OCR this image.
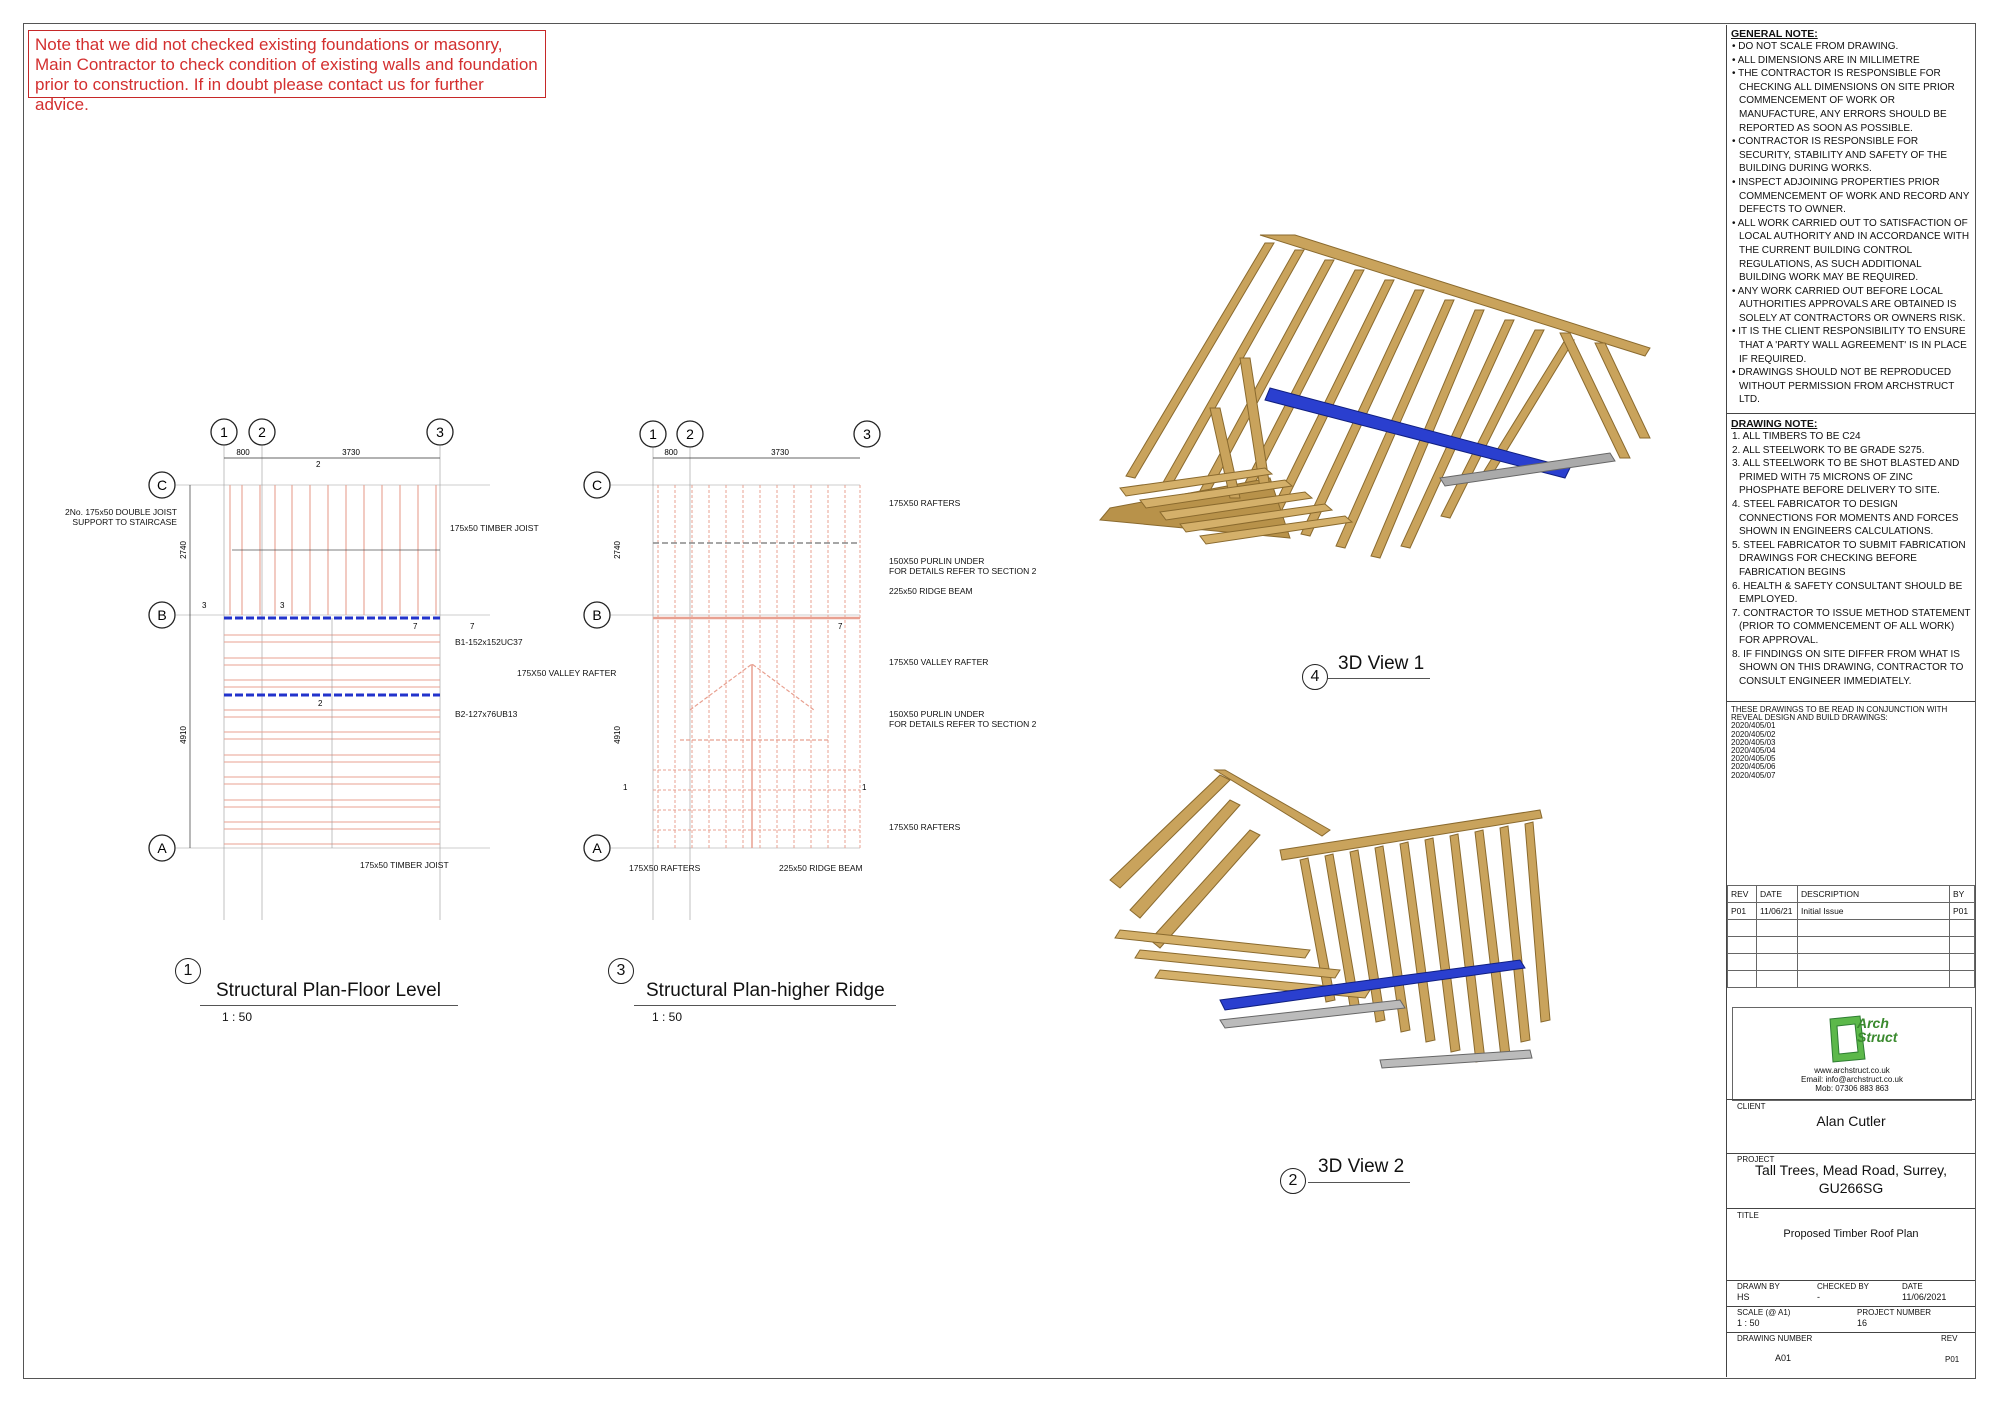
Note that we did not checked existing foundations or masonry, Main Contractor to check condition of existing walls and foundation prior to construction. If in doubt please contact us for further advice.
1 2	3
C
B
A
800	3730
2740
4910
2
2
3	3
7	7
2No. 175x50 DOUBLE JOIST
SUPPORT TO STAIRCASE
175x50 TIMBER JOIST
B1-152x152UC37
B2-127x76UB13
175x50 TIMBER JOIST
1 2	3
C
B
A
800	3730
2740
4910
1	1
7
175X50 RAFTERS
150X50 PURLIN UNDER
FOR DETAILS REFER TO SECTION 2
225x50 RIDGE BEAM
175X50 VALLEY RAFTER
175X50 VALLEY RAFTER
150X50 PURLIN UNDER
FOR DETAILS REFER TO SECTION 2
175X50 RAFTERS
175X50 RAFTERS	225x50 RIDGE BEAM
1
Structural Plan-Floor Level
1 : 50
3
Structural Plan-higher Ridge
1 : 50
4
3D View 1
2
3D View 2
GENERAL NOTE:
• DO NOT SCALE FROM DRAWING.
• ALL DIMENSIONS ARE IN MILLIMETRE
• THE CONTRACTOR IS RESPONSIBLE FOR CHECKING ALL DIMENSIONS ON SITE PRIOR COMMENCEMENT OF WORK OR MANUFACTURE, ANY ERRORS SHOULD BE REPORTED AS SOON AS POSSIBLE.
• CONTRACTOR IS RESPONSIBLE FOR SECURITY, STABILITY AND SAFETY OF THE BUILDING DURING WORKS.
• INSPECT ADJOINING PROPERTIES PRIOR COMMENCEMENT OF WORK AND RECORD ANY DEFECTS TO OWNER.
• ALL WORK CARRIED OUT TO SATISFACTION OF LOCAL AUTHORITY AND IN ACCORDANCE WITH THE CURRENT BUILDING CONTROL REGULATIONS, AS SUCH ADDITIONAL BUILDING WORK MAY BE REQUIRED.
• ANY WORK CARRIED OUT BEFORE LOCAL AUTHORITIES APPROVALS ARE OBTAINED IS SOLELY AT CONTRACTORS OR OWNERS RISK.
• IT IS THE CLIENT RESPONSIBILITY TO ENSURE THAT A 'PARTY WALL AGREEMENT' IS IN PLACE IF REQUIRED.
• DRAWINGS SHOULD NOT BE REPRODUCED WITHOUT PERMISSION FROM ARCHSTRUCT LTD.
DRAWING NOTE:
1. ALL TIMBERS TO BE C24
2. ALL STEELWORK TO BE GRADE S275.
3. ALL STEELWORK TO BE SHOT BLASTED AND PRIMED WITH 75 MICRONS OF ZINC PHOSPHATE BEFORE DELIVERY TO SITE.
4. STEEL FABRICATOR TO DESIGN CONNECTIONS FOR MOMENTS AND FORCES SHOWN IN ENGINEERS CALCULATIONS.
5. STEEL FABRICATOR TO SUBMIT FABRICATION DRAWINGS FOR CHECKING BEFORE FABRICATION BEGINS
6. HEALTH & SAFETY CONSULTANT SHOULD BE EMPLOYED.
7. CONTRACTOR TO ISSUE METHOD STATEMENT (PRIOR TO COMMENCEMENT OF ALL WORK) FOR APPROVAL.
8. IF FINDINGS ON SITE DIFFER FROM WHAT IS SHOWN ON THIS DRAWING, CONTRACTOR TO CONSULT ENGINEER IMMEDIATELY.
THESE DRAWINGS TO BE READ IN CONJUNCTION WITH REVEAL DESIGN AND BUILD DRAWINGS:
2020/405/01
2020/405/02
2020/405/03
2020/405/04
2020/405/05
2020/405/06
2020/405/07
REV	DATE	DESCRIPTION	BY
P01	11/06/21	Initial Issue	P01

Arch
Struct
www.archstruct.co.uk
Email: info@archstruct.co.uk
Mob: 07306 883 863
CLIENT
Alan Cutler
PROJECT
Tall Trees, Mead Road, Surrey,
GU266SG
TITLE
Proposed Timber Roof Plan
DRAWN BY
HS
CHECKED BY
-
DATE
11/06/2021
SCALE (@ A1)
1 : 50
PROJECT NUMBER
16
DRAWING NUMBER
A01
REV
P01
